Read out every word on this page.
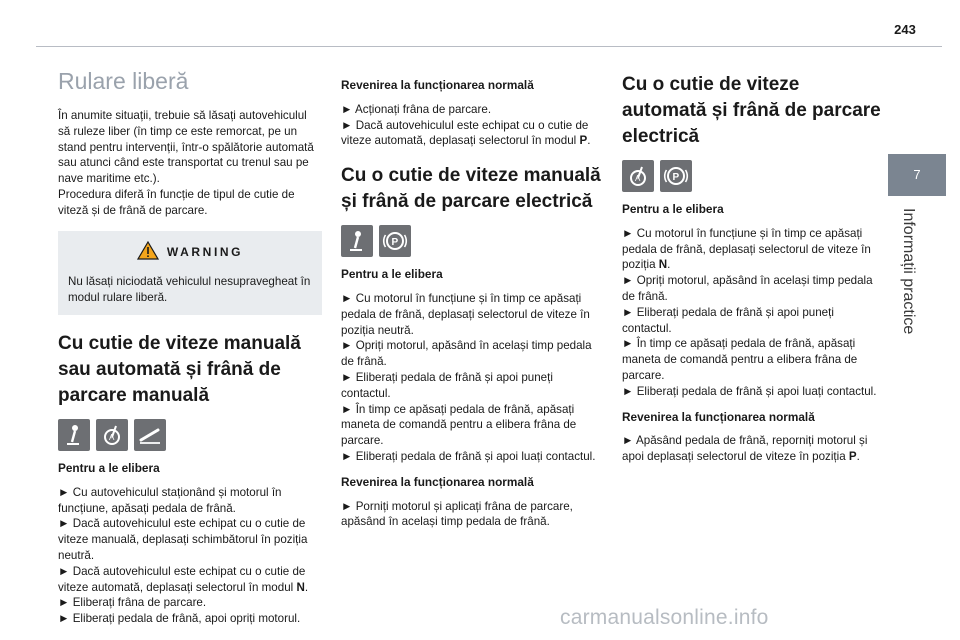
243
7
Informații practice
Rulare liberă

În anumite situații, trebuie să lăsați autovehiculul să ruleze liber (în timp ce este remorcat, pe un stand pentru intervenții, într-o spălătorie automată sau atunci când este transportat cu trenul sau pe nave maritime etc.).

Procedura diferă în funcție de tipul de cutie de viteză și de frână de parcare.

WARNING

Nu lăsați niciodată vehiculul nesupravegheat în modul rulare liberă.

Cu cutie de viteze manuală sau automată și frână de parcare manuală
A
Pentru a le elibera

► Cu autovehiculul staționând și motorul în funcțiune, apăsați pedala de frână.

► Dacă autovehiculul este echipat cu o cutie de viteze manuală, deplasați schimbătorul în poziția neutră.

► Dacă autovehiculul este echipat cu o cutie de viteze automată, deplasați selectorul în modul N.

► Eliberați frâna de parcare.

► Eliberați pedala de frână, apoi opriți motorul.

Revenirea la funcționarea normală

► Acționați frâna de parcare.

► Dacă autovehiculul este echipat cu o cutie de viteze automată, deplasați selectorul în modul P.

Cu o cutie de viteze manuală și frână de parcare electrică
P
Pentru a le elibera

► Cu motorul în funcțiune și în timp ce apăsați pedala de frână, deplasați selectorul de viteze în poziția neutră.

► Opriți motorul, apăsând în același timp pedala de frână.

► Eliberați pedala de frână și apoi puneți contactul.

► În timp ce apăsați pedala de frână, apăsați maneta de comandă pentru a elibera frâna de parcare.

► Eliberați pedala de frână și apoi luați contactul.

Revenirea la funcționarea normală

► Porniți motorul și aplicați frâna de parcare, apăsând în același timp pedala de frână.

Cu o cutie de viteze automată și frână de parcare electrică
A	P
Pentru a le elibera

► Cu motorul în funcțiune și în timp ce apăsați pedala de frână, deplasați selectorul de viteze în poziția N.

► Opriți motorul, apăsând în același timp pedala de frână.

► Eliberați pedala de frână și apoi puneți contactul.

► În timp ce apăsați pedala de frână, apăsați maneta de comandă pentru a elibera frâna de parcare.

► Eliberați pedala de frână și apoi luați contactul.

Revenirea la funcționarea normală

► Apăsând pedala de frână, reporniți motorul și apoi deplasați selectorul de viteze în poziția P.

carmanualsonline.info
